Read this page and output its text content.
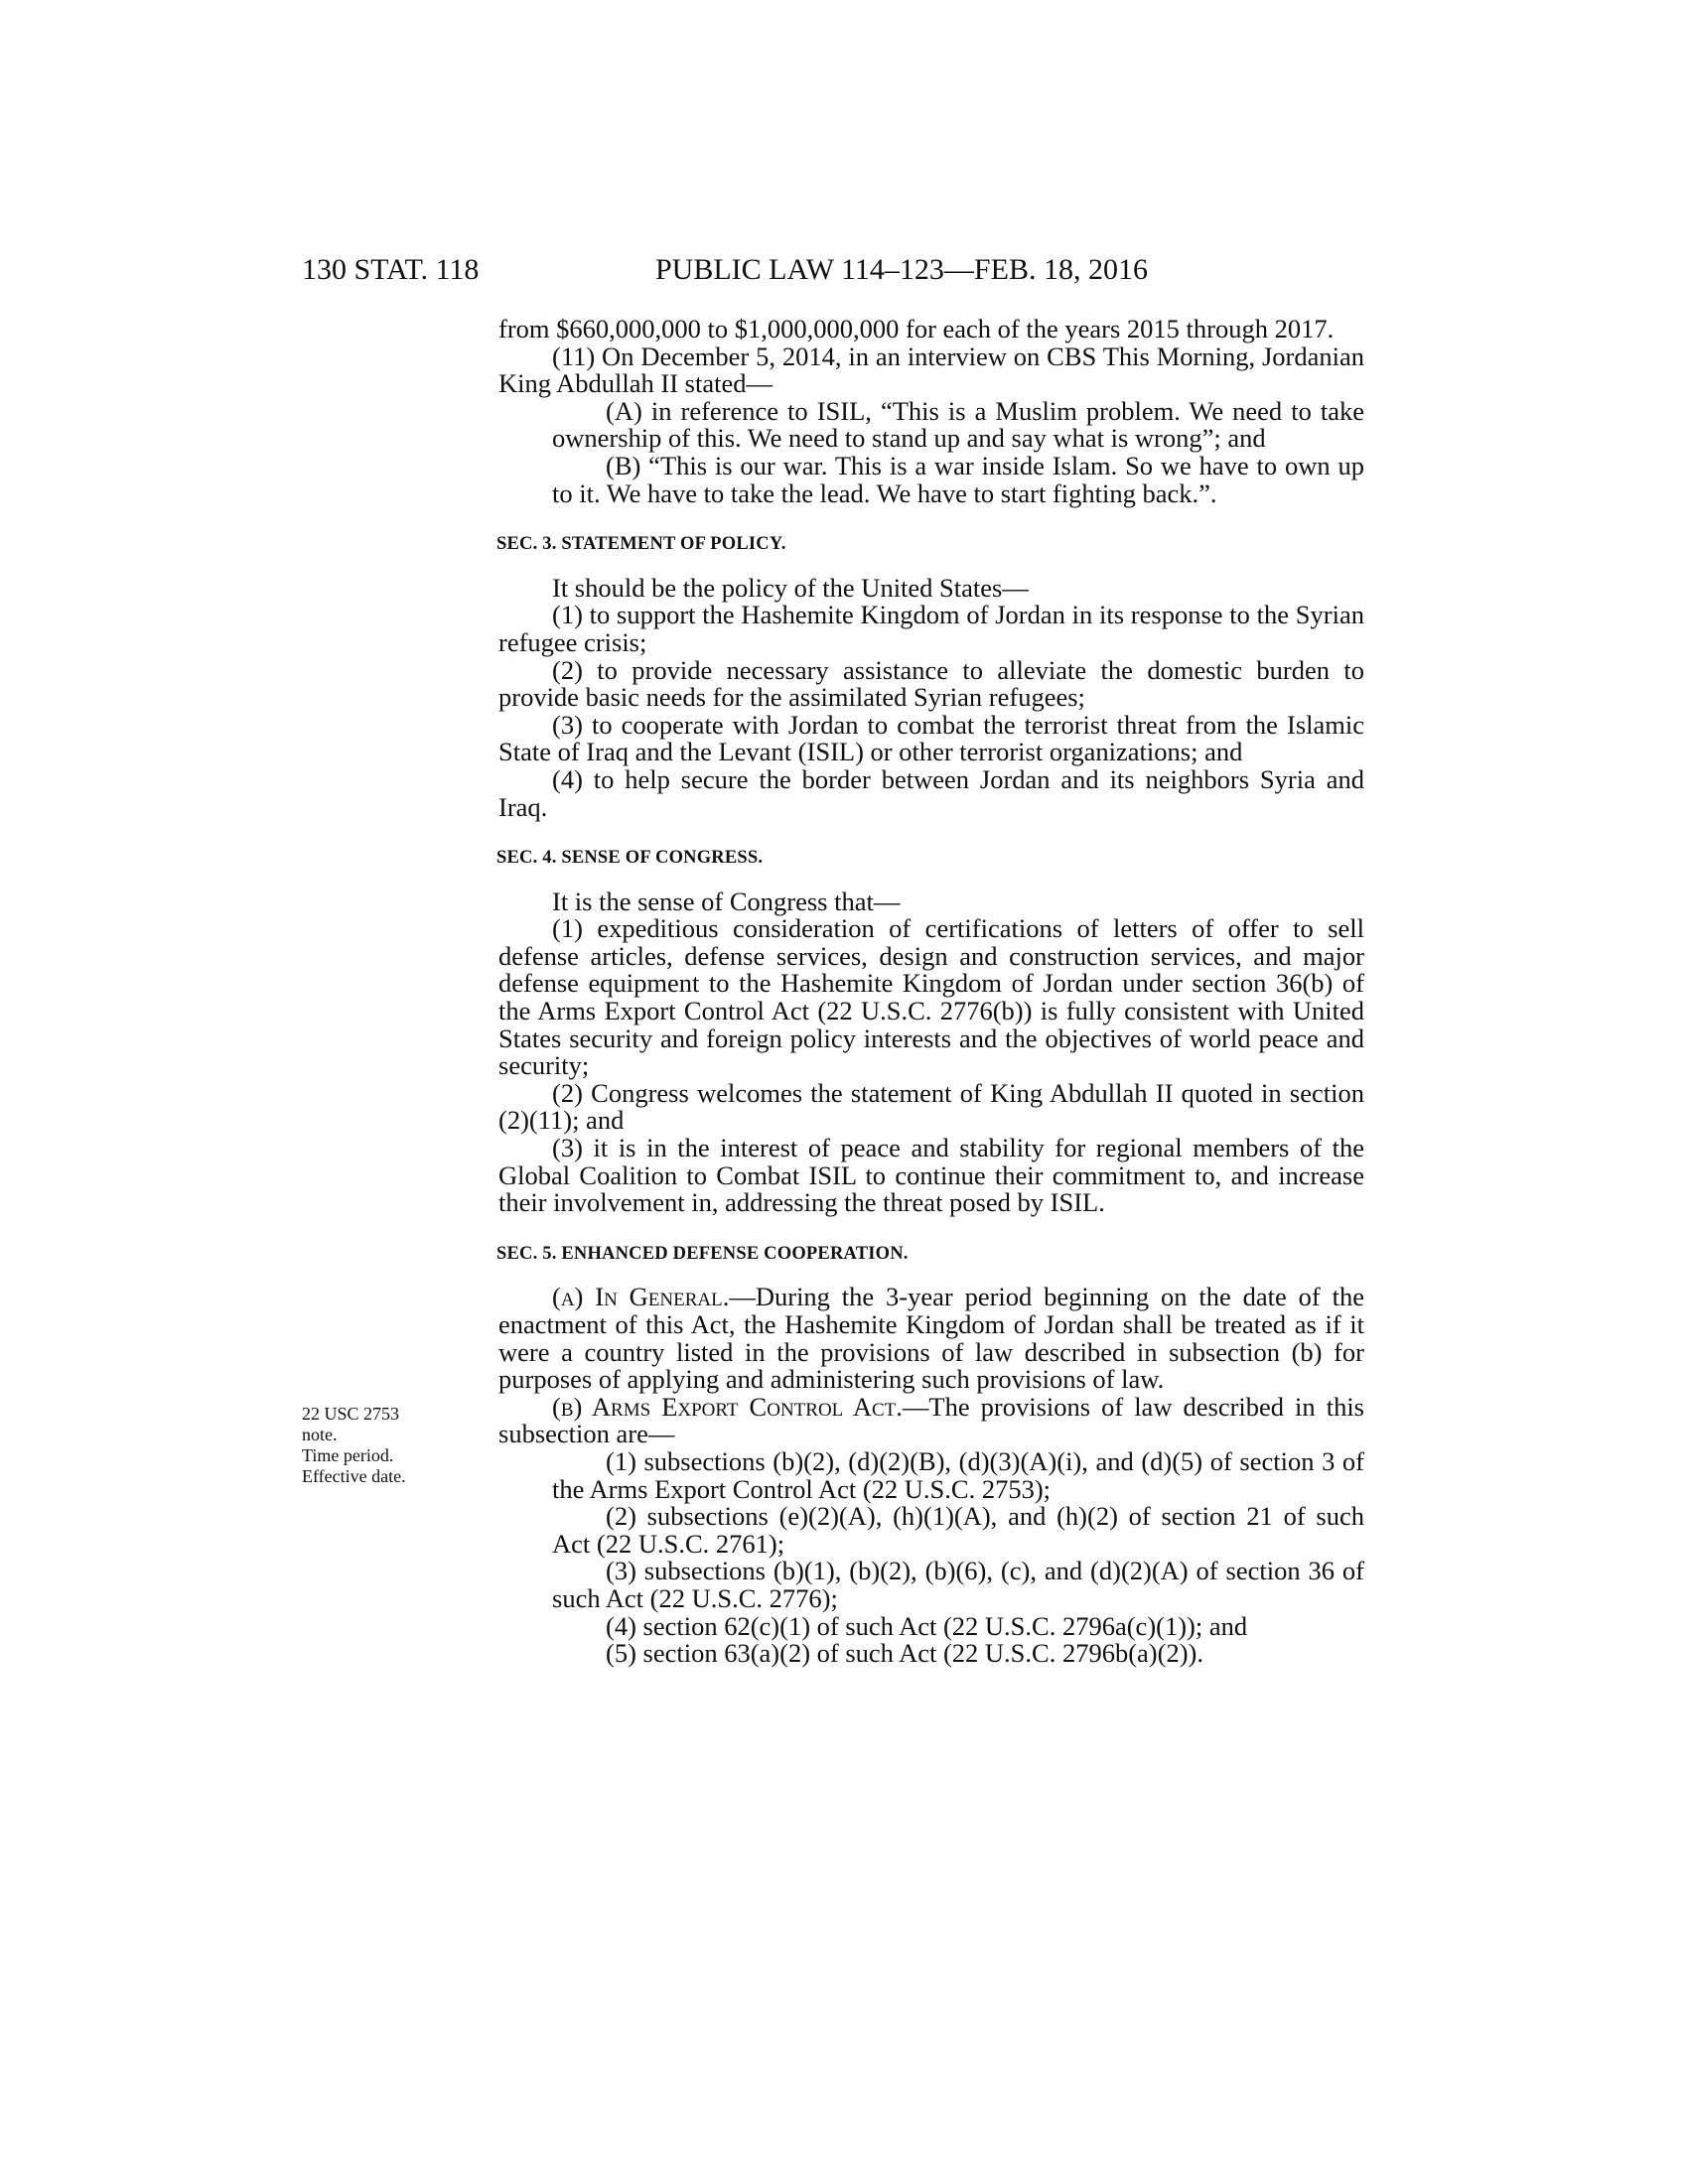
130 STAT. 118	PUBLIC LAW 114–123—FEB. 18, 2016
22 USC 2753
note.
Time period.
Effective date.

from $660,000,000 to $1,000,000,000 for each of the years 2015 through 2017.

(11) On December 5, 2014, in an interview on CBS This Morning, Jordanian King Abdullah II stated—

(A) in reference to ISIL, “This is a Muslim problem. We need to take ownership of this. We need to stand up and say what is wrong”; and

(B) “This is our war. This is a war inside Islam. So we have to own up to it. We have to take the lead. We have to start fighting back.”.

SEC. 3. STATEMENT OF POLICY.

It should be the policy of the United States—

(1) to support the Hashemite Kingdom of Jordan in its response to the Syrian refugee crisis;

(2) to provide necessary assistance to alleviate the domestic burden to provide basic needs for the assimilated Syrian refugees;

(3) to cooperate with Jordan to combat the terrorist threat from the Islamic State of Iraq and the Levant (ISIL) or other terrorist organizations; and

(4) to help secure the border between Jordan and its neighbors Syria and Iraq.

SEC. 4. SENSE OF CONGRESS.

It is the sense of Congress that—

(1) expeditious consideration of certifications of letters of offer to sell defense articles, defense services, design and construction services, and major defense equipment to the Hashemite Kingdom of Jordan under section 36(b) of the Arms Export Control Act (22 U.S.C. 2776(b)) is fully consistent with United States security and foreign policy interests and the objectives of world peace and security;

(2) Congress welcomes the statement of King Abdullah II quoted in section (2)(11); and

(3) it is in the interest of peace and stability for regional members of the Global Coalition to Combat ISIL to continue their commitment to, and increase their involvement in, addressing the threat posed by ISIL.

SEC. 5. ENHANCED DEFENSE COOPERATION.

(a) In General.—During the 3-year period beginning on the date of the enactment of this Act, the Hashemite Kingdom of Jordan shall be treated as if it were a country listed in the provisions of law described in subsection (b) for purposes of applying and administering such provisions of law.

(b) Arms Export Control Act.—The provisions of law described in this subsection are—

(1) subsections (b)(2), (d)(2)(B), (d)(3)(A)(i), and (d)(5) of section 3 of the Arms Export Control Act (22 U.S.C. 2753);

(2) subsections (e)(2)(A), (h)(1)(A), and (h)(2) of section 21 of such Act (22 U.S.C. 2761);

(3) subsections (b)(1), (b)(2), (b)(6), (c), and (d)(2)(A) of section 36 of such Act (22 U.S.C. 2776);

(4) section 62(c)(1) of such Act (22 U.S.C. 2796a(c)(1)); and

(5) section 63(a)(2) of such Act (22 U.S.C. 2796b(a)(2)).
